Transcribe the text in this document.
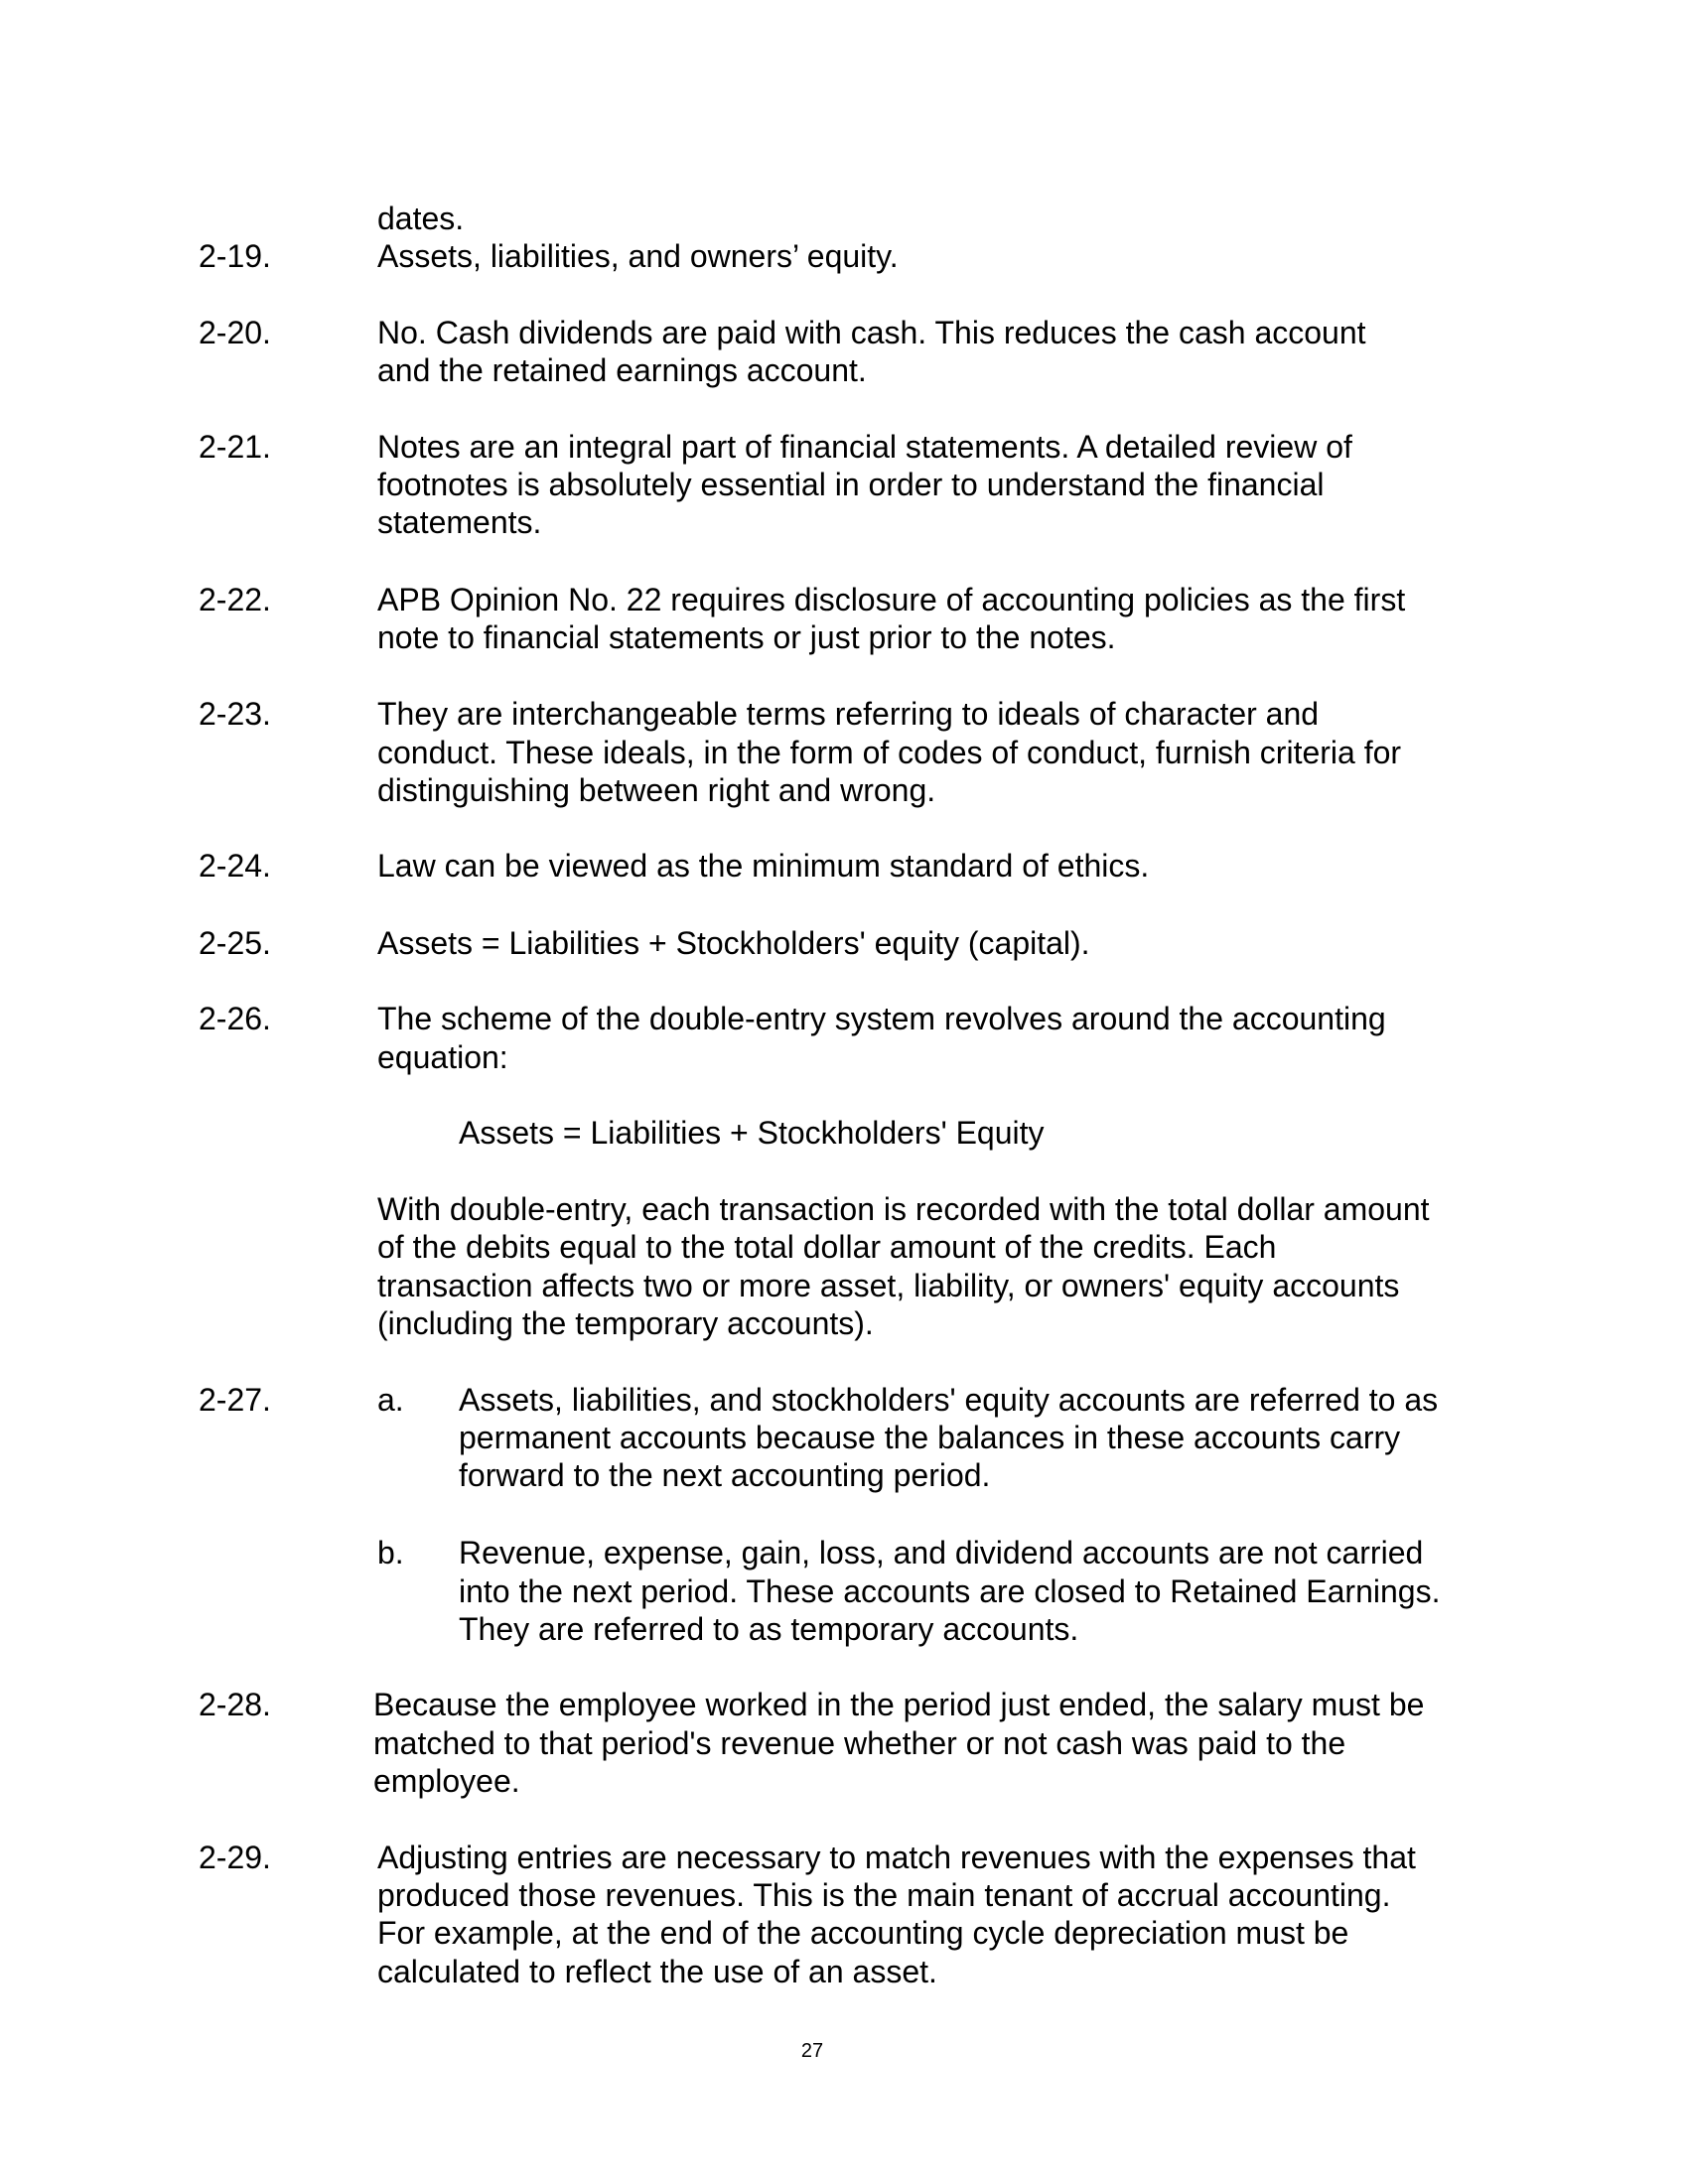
dates.
2-19.	Assets, liabilities, and owners’ equity.
2-20.	No. Cash dividends are paid with cash. This reduces the cash account
and the retained earnings account.
2-21.	Notes are an integral part of financial statements. A detailed review of
footnotes is absolutely essential in order to understand the financial
statements.
2-22.	APB Opinion No. 22 requires disclosure of accounting policies as the first
note to financial statements or just prior to the notes.
2-23.	They are interchangeable terms referring to ideals of character and
conduct. These ideals, in the form of codes of conduct, furnish criteria for
distinguishing between right and wrong.
2-24.	Law can be viewed as the minimum standard of ethics.
2-25.	Assets = Liabilities + Stockholders' equity (capital).
2-26.	The scheme of the double-entry system revolves around the accounting
equation:
Assets = Liabilities + Stockholders' Equity
With double-entry, each transaction is recorded with the total dollar amount
of the debits equal to the total dollar amount of the credits. Each
transaction affects two or more asset, liability, or owners' equity accounts
(including the temporary accounts).
2-27.	a. Assets, liabilities, and stockholders' equity accounts are referred to as
permanent accounts because the balances in these accounts carry
forward to the next accounting period.
b. Revenue, expense, gain, loss, and dividend accounts are not carried
into the next period. These accounts are closed to Retained Earnings.
They are referred to as temporary accounts.
2-28.	Because the employee worked in the period just ended, the salary must be
matched to that period's revenue whether or not cash was paid to the
employee.
2-29.	Adjusting entries are necessary to match revenues with the expenses that
produced those revenues. This is the main tenant of accrual accounting.
For example, at the end of the accounting cycle depreciation must be
calculated to reflect the use of an asset.
27
